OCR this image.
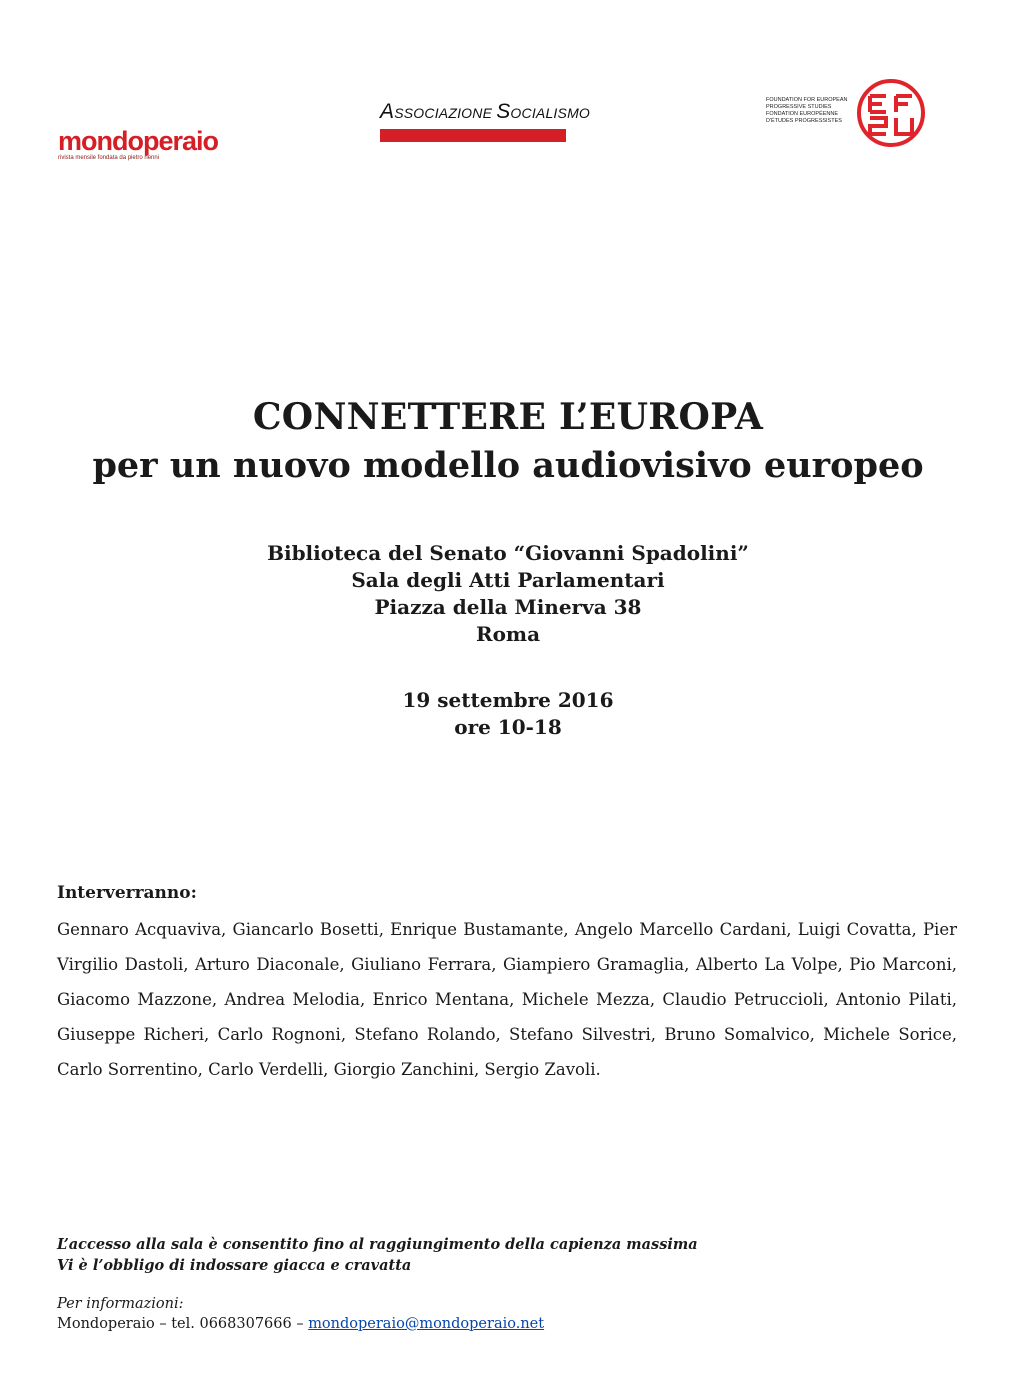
mondoperaio
rivista mensile fondata da pietro nenni
ASSOCIAZIONE SOCIALISMO
FOUNDATION FOR EUROPEAN
PROGRESSIVE STUDIES
FONDATION EUROPÉENNE
D'ÉTUDES PROGRESSISTES
CONNETTERE L’EUROPA
per un nuovo modello audiovisivo europeo
Biblioteca del Senato “Giovanni Spadolini”
Sala degli Atti Parlamentari
Piazza della Minerva 38
Roma
19 settembre 2016
ore 10-18
Interverranno:
Gennaro Acquaviva, Giancarlo Bosetti, Enrique Bustamante, Angelo Marcello Cardani, Luigi Covatta, Pier Virgilio Dastoli, Arturo Diaconale, Giuliano Ferrara, Giampiero Gramaglia, Alberto La Volpe, Pio Marconi, Giacomo Mazzone, Andrea Melodia, Enrico Mentana, Michele Mezza, Claudio Petruccioli, Antonio Pilati, Giuseppe Richeri, Carlo Rognoni, Stefano Rolando, Stefano Silvestri, Bruno Somalvico, Michele Sorice, Carlo Sorrentino, Carlo Verdelli, Giorgio Zanchini, Sergio Zavoli.
L’accesso alla sala è consentito fino al raggiungimento della capienza massima
Vi è l’obbligo di indossare giacca e cravatta
Per informazioni:
Mondoperaio – tel. 0668307666 – mondoperaio@mondoperaio.net
